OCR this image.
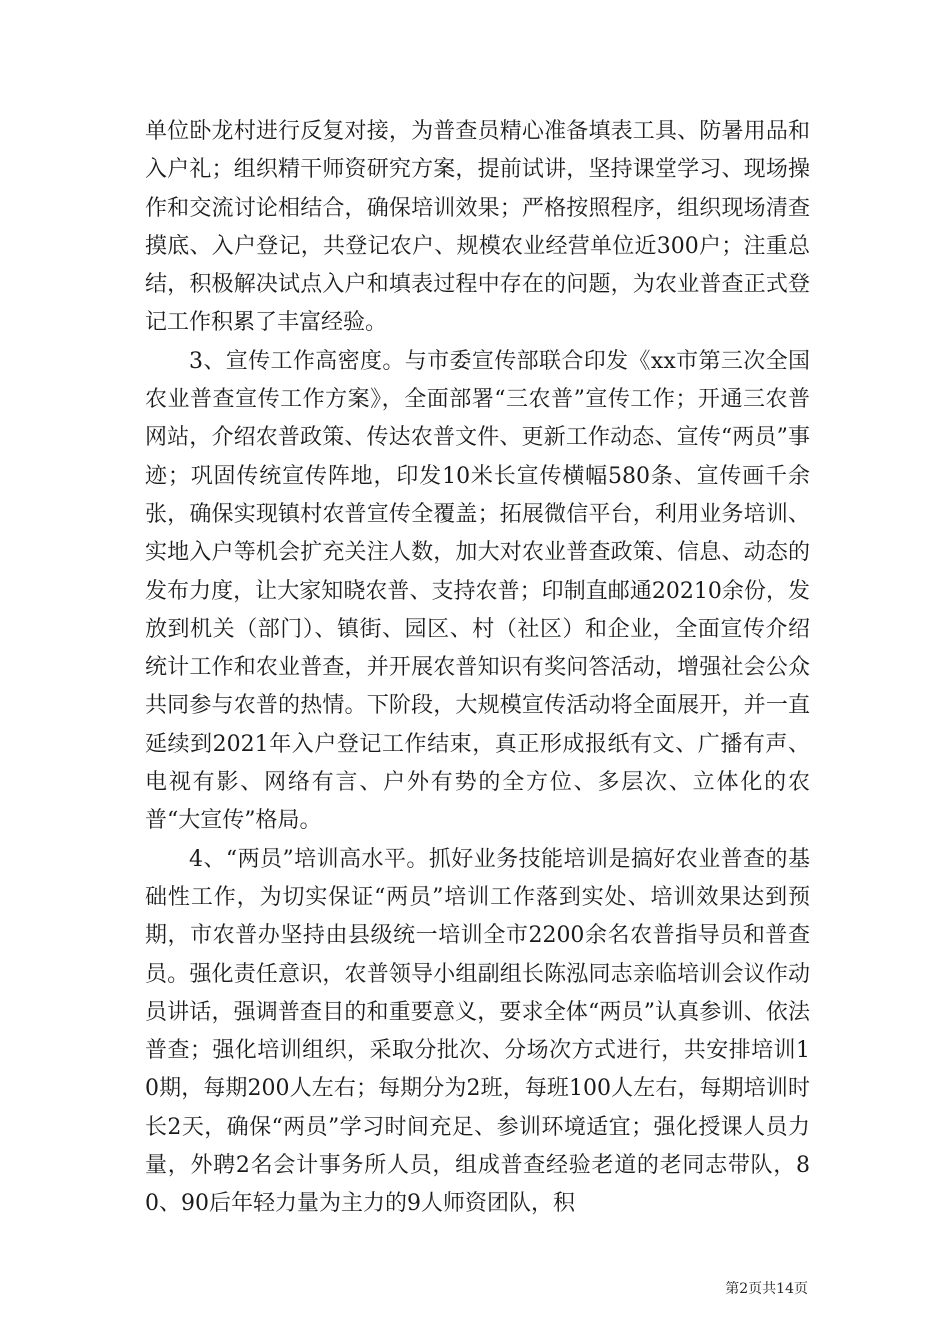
单位卧龙村进行反复对接，为普查员精心准备填表工具、防暑用品和入户礼；组织精干师资研究方案，提前试讲，坚持课堂学习、现场操作和交流讨论相结合，确保培训效果；严格按照程序，组织现场清查摸底、入户登记，共登记农户、规模农业经营单位近300户；注重总结，积极解决试点入户和填表过程中存在的问题，为农业普查正式登记工作积累了丰富经验。

3、宣传工作高密度。与市委宣传部联合印发《xx市第三次全国农业普查宣传工作方案》，全面部署“三农普”宣传工作；开通三农普网站，介绍农普政策、传达农普文件、更新工作动态、宣传“两员”事迹；巩固传统宣传阵地，印发10米长宣传横幅580条、宣传画千余张，确保实现镇村农普宣传全覆盖；拓展微信平台，利用业务培训、实地入户等机会扩充关注人数，加大对农业普查政策、信息、动态的发布力度，让大家知晓农普、支持农普；印制直邮通20210余份，发放到机关（部门）、镇街、园区、村（社区）和企业，全面宣传介绍统计工作和农业普查，并开展农普知识有奖问答活动，增强社会公众共同参与农普的热情。下阶段，大规模宣传活动将全面展开，并一直延续到2021年入户登记工作结束，真正形成报纸有文、广播有声、电视有影、网络有言、户外有势的全方位、多层次、立体化的农普“大宣传”格局。

4、“两员”培训高水平。抓好业务技能培训是搞好农业普查的基础性工作，为切实保证“两员”培训工作落到实处、培训效果达到预期，市农普办坚持由县级统一培训全市2200余名农普指导员和普查员。强化责任意识，农普领导小组副组长陈泓同志亲临培训会议作动员讲话，强调普查目的和重要意义，要求全体“两员”认真参训、依法普查；强化培训组织，采取分批次、分场次方式进行，共安排培训10期，每期200人左右；每期分为2班，每班100人左右，每期培训时长2天，确保“两员”学习时间充足、参训环境适宜；强化授课人员力量，外聘2名会计事务所人员，组成普查经验老道的老同志带队，80、90后年轻力量为主力的9人师资团队，积

第2页共14页
